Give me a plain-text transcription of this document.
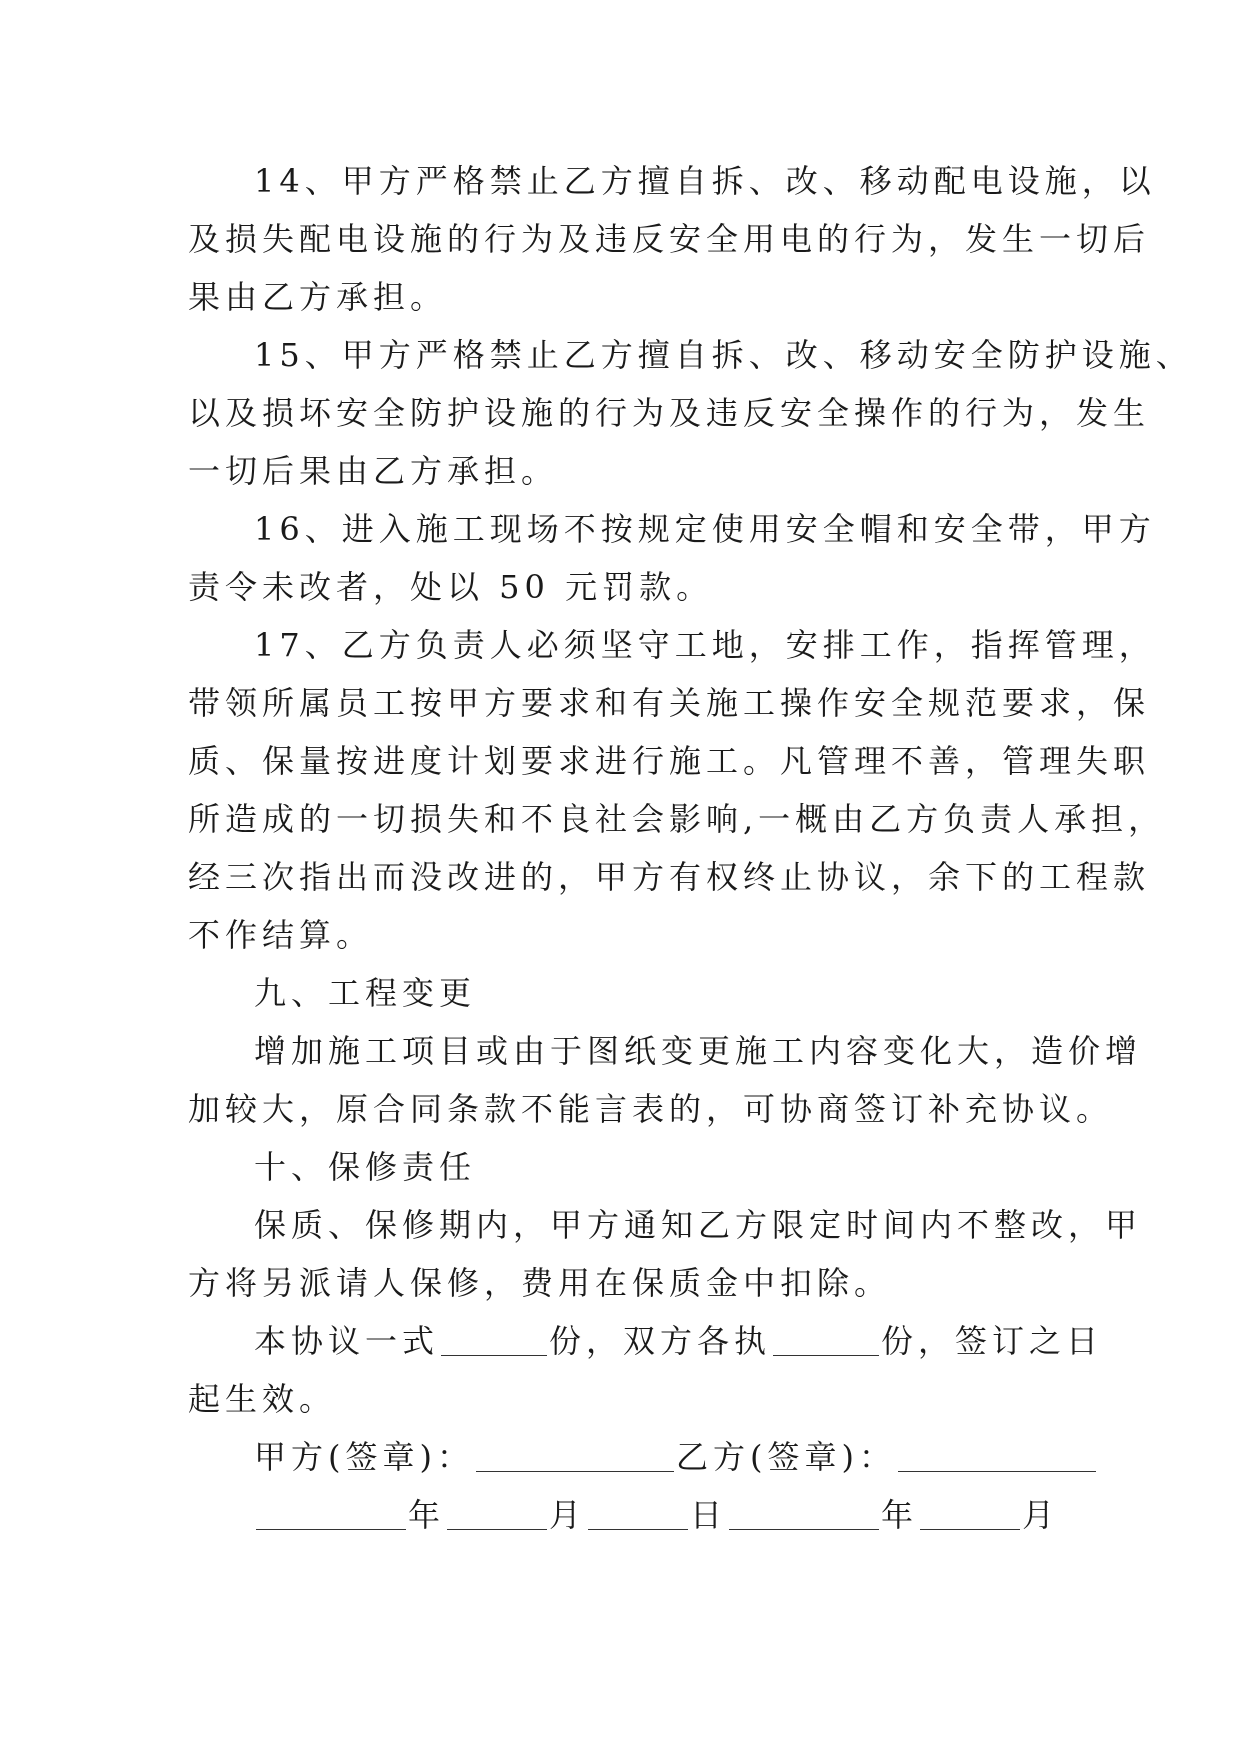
14、甲方严格禁止乙方擅自拆、改、移动配电设施，以
及损失配电设施的行为及违反安全用电的行为，发生一切后
果由乙方承担。
15、甲方严格禁止乙方擅自拆、改、移动安全防护设施、
以及损坏安全防护设施的行为及违反安全操作的行为，发生
一切后果由乙方承担。
16、进入施工现场不按规定使用安全帽和安全带，甲方
责令未改者，处以 50 元罚款。
17、乙方负责人必须坚守工地，安排工作，指挥管理，
带领所属员工按甲方要求和有关施工操作安全规范要求，保
质、保量按进度计划要求进行施工。凡管理不善，管理失职
所造成的一切损失和不良社会影响,一概由乙方负责人承担，
经三次指出而没改进的，甲方有权终止协议，余下的工程款
不作结算。
九、工程变更
增加施工项目或由于图纸变更施工内容变化大，造价增
加较大，原合同条款不能言表的，可协商签订补充协议。
十、保修责任
保质、保修期内，甲方通知乙方限定时间内不整改，甲
方将另派请人保修，费用在保质金中扣除。
本协议一式	份，双方各执	份，签订之日
起生效。
甲方(签章)：	乙方(签章)：
年	月	日	年	月
